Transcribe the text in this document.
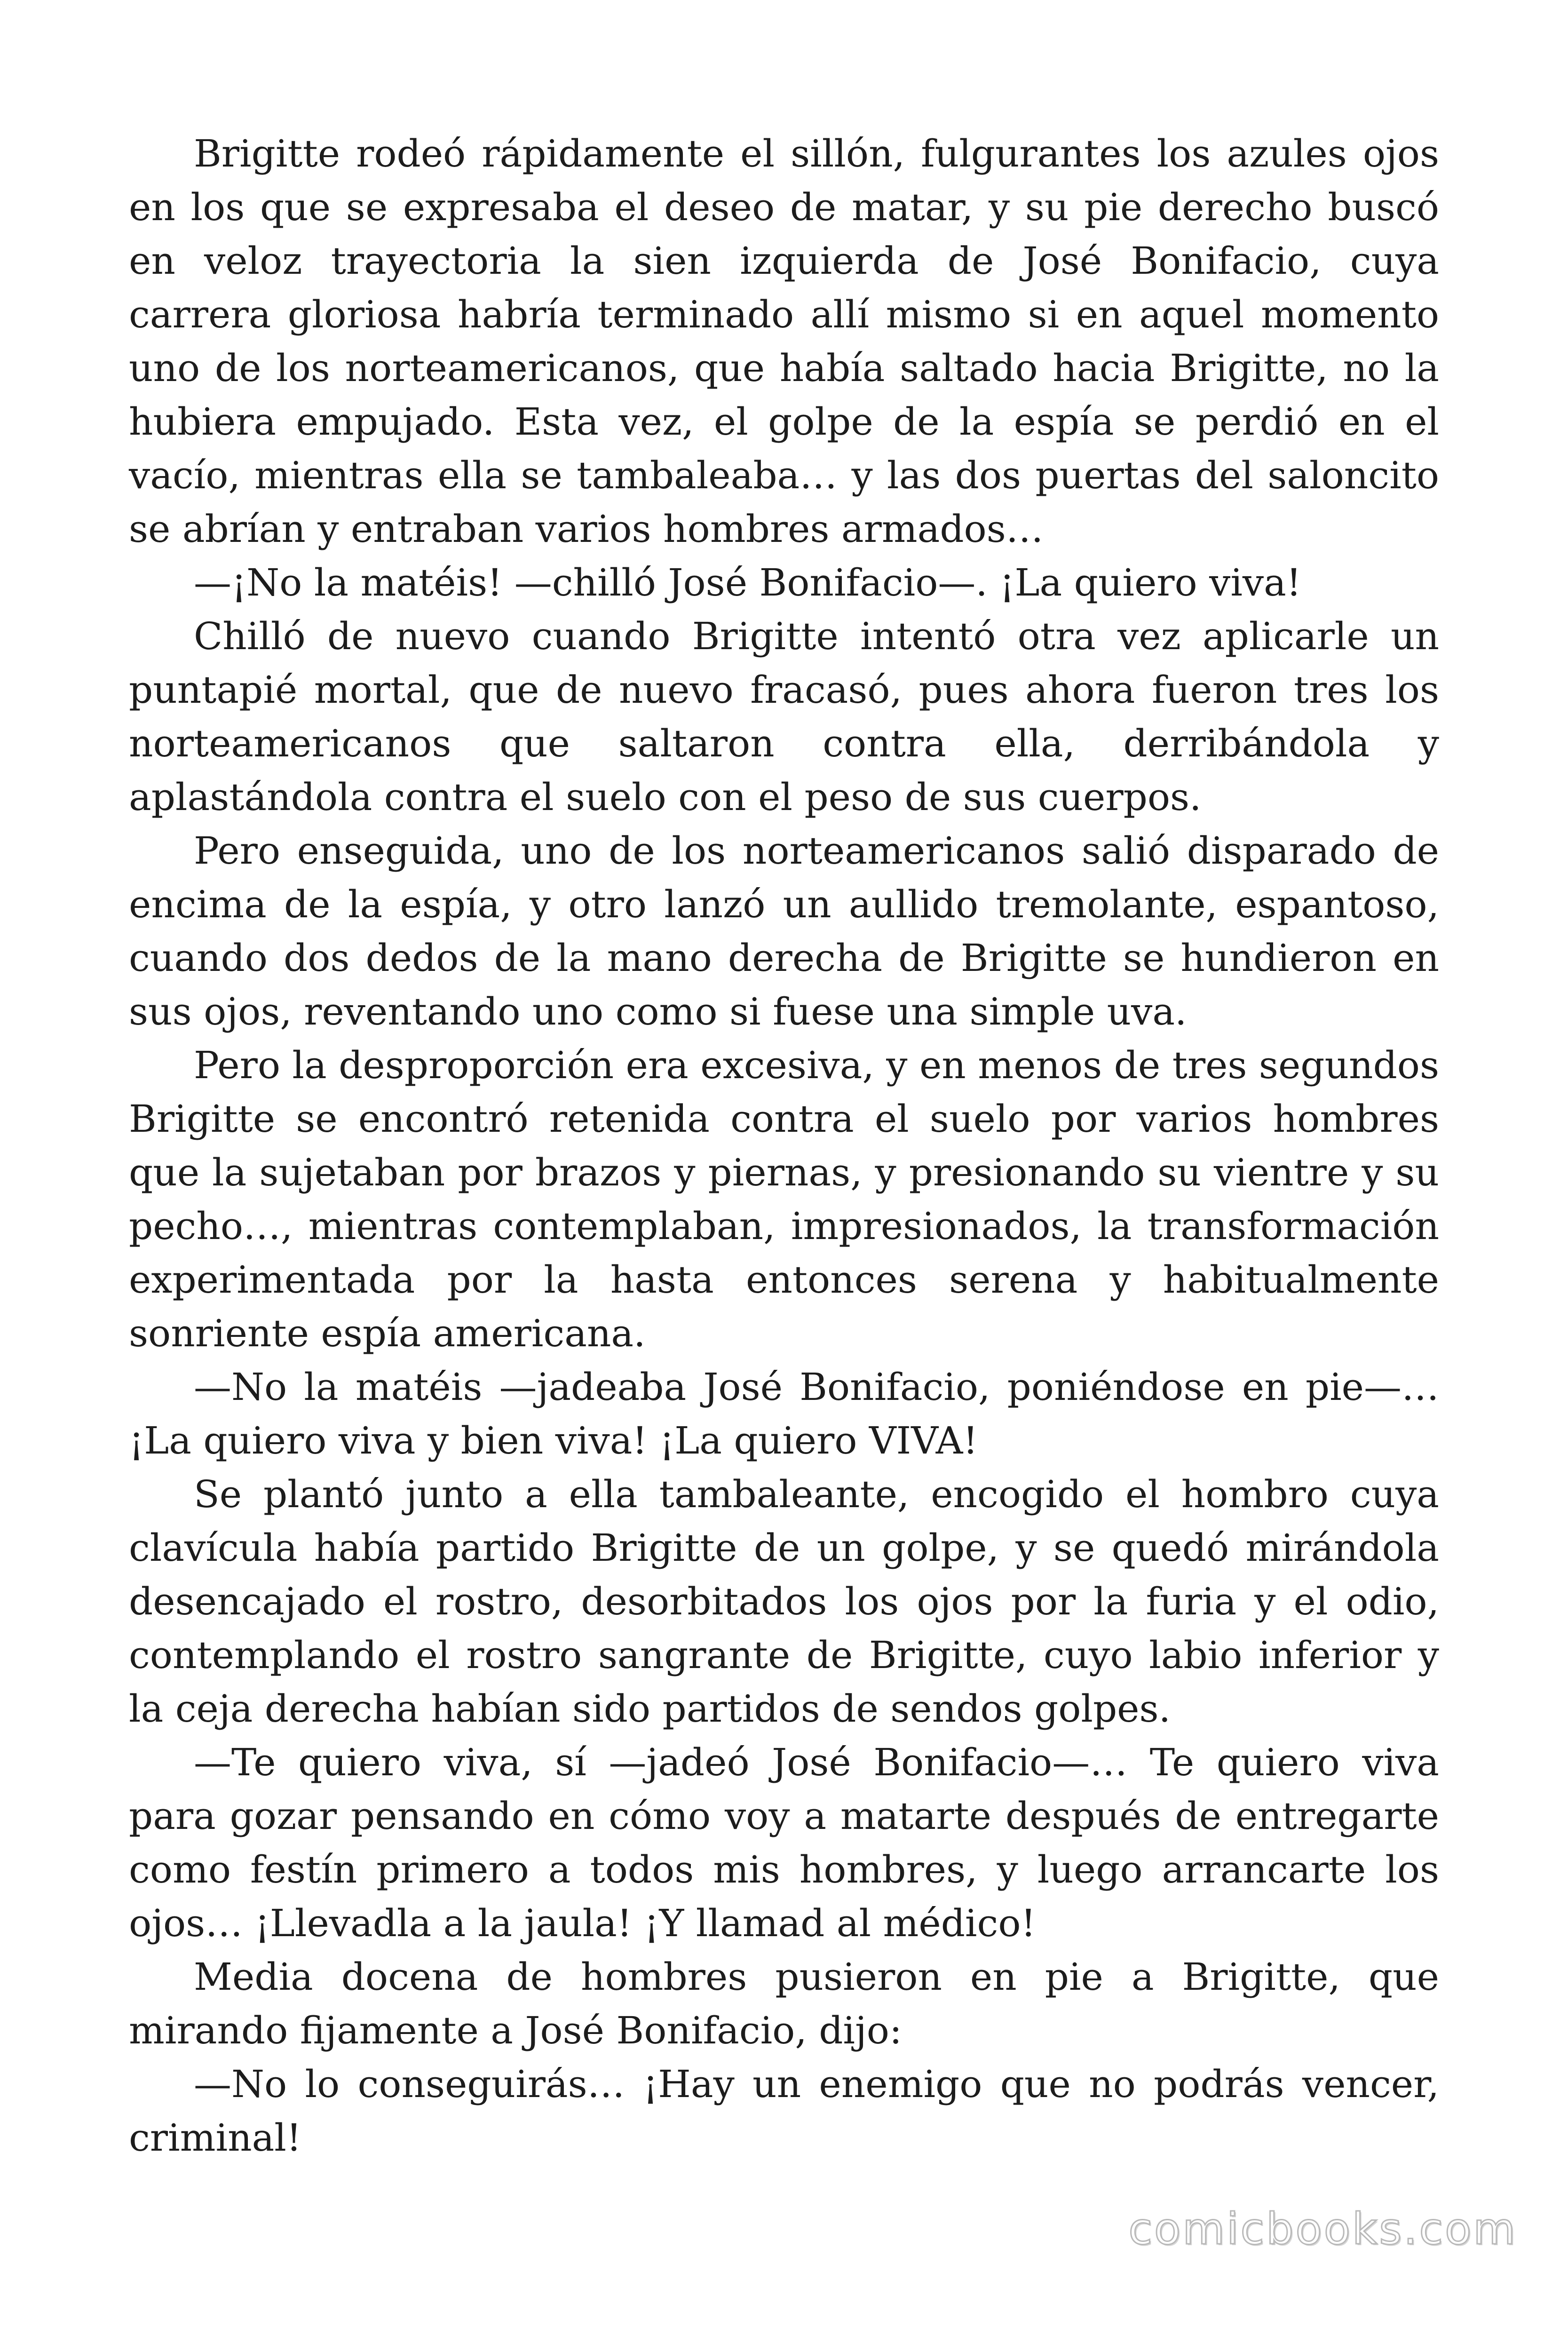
Brigitte rodeó rápidamente el sillón, fulgurantes los azules ojos en los que se expresaba el deseo de matar, y su pie derecho buscó en veloz trayectoria la sien izquierda de José Bonifacio, cuya carrera gloriosa habría terminado allí mismo si en aquel momento uno de los norteamericanos, que había saltado hacia Brigitte, no la hubiera empujado. Esta vez, el golpe de la espía se perdió en el vacío, mientras ella se tambaleaba… y las dos puertas del saloncito se abrían y entraban varios hombres armados…

—¡No la matéis! —chilló José Bonifacio—. ¡La quiero viva!

Chilló de nuevo cuando Brigitte intentó otra vez aplicarle un puntapié mortal, que de nuevo fracasó, pues ahora fueron tres los norteamericanos que saltaron contra ella, derribándola y aplastándola contra el suelo con el peso de sus cuerpos.

Pero enseguida, uno de los norteamericanos salió disparado de encima de la espía, y otro lanzó un aullido tremolante, espantoso, cuando dos dedos de la mano derecha de Brigitte se hundieron en sus ojos, reventando uno como si fuese una simple uva.

Pero la desproporción era excesiva, y en menos de tres segundos Brigitte se encontró retenida contra el suelo por varios hombres que la sujetaban por brazos y piernas, y presionando su vientre y su pecho…, mientras contemplaban, impresionados, la transformación experimentada por la hasta entonces serena y habitualmente sonriente espía americana.

—No la matéis —jadeaba José Bonifacio, poniéndose en pie—… ¡La quiero viva y bien viva! ¡La quiero VIVA!

Se plantó junto a ella tambaleante, encogido el hombro cuya clavícula había partido Brigitte de un golpe, y se quedó mirándola desencajado el rostro, desorbitados los ojos por la furia y el odio, contemplando el rostro sangrante de Brigitte, cuyo labio inferior y la ceja derecha habían sido partidos de sendos golpes.

—Te quiero viva, sí —jadeó José Bonifacio—… Te quiero viva para gozar pensando en cómo voy a matarte después de entregarte como festín primero a todos mis hombres, y luego arrancarte los ojos… ¡Llevadla a la jaula! ¡Y llamad al médico!

Media docena de hombres pusieron en pie a Brigitte, que mirando fijamente a José Bonifacio, dijo:

—No lo conseguirás… ¡Hay un enemigo que no podrás vencer, criminal!

comicbooks.com
